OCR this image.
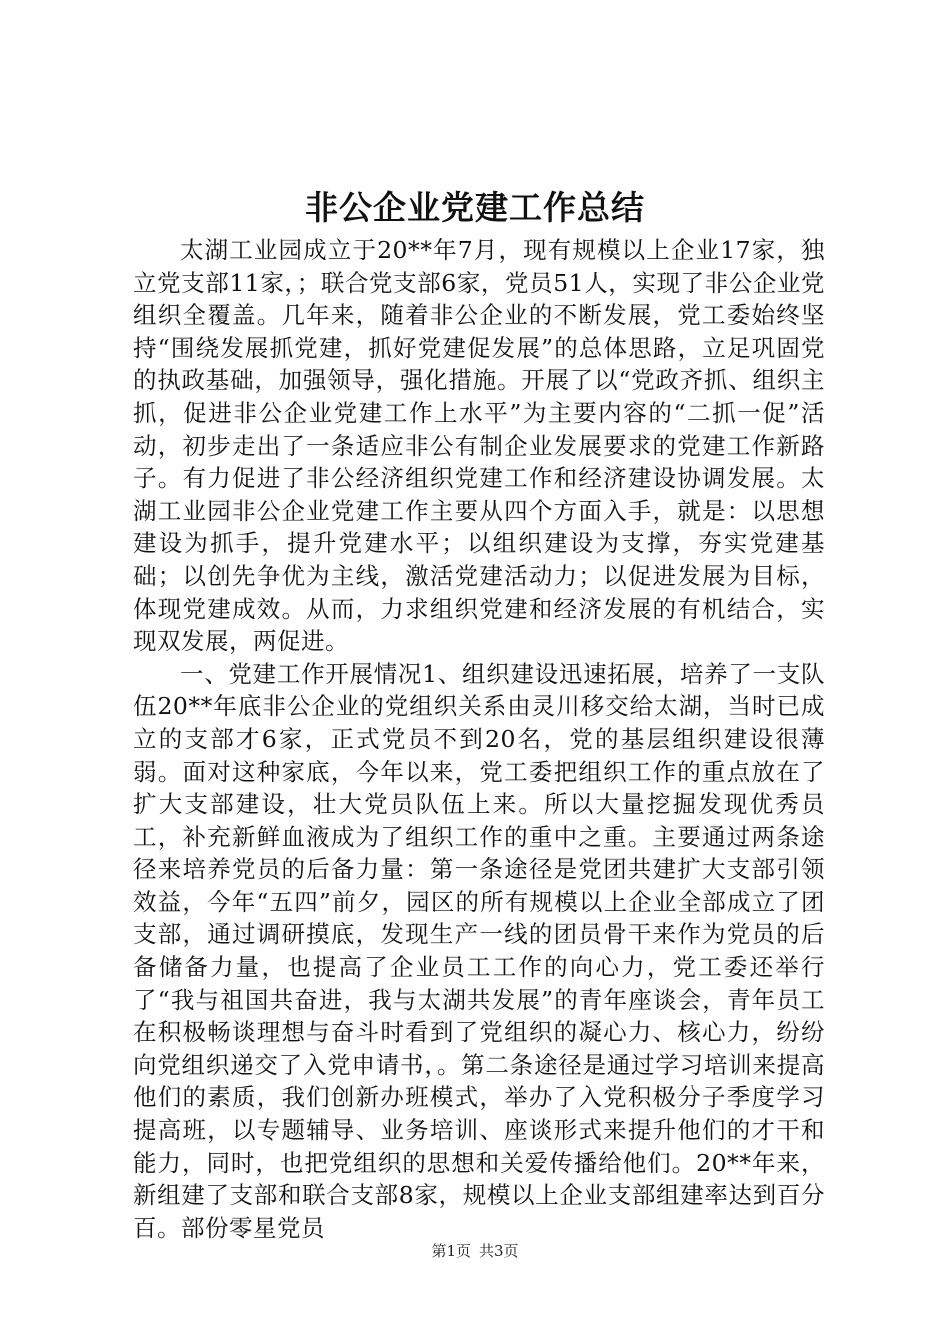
非公企业党建工作总结

太湖工业园成立于20**年7月，现有规模以上企业17家，独立党支部11家，；联合党支部6家，党员51人，实现了非公企业党组织全覆盖。几年来，随着非公企业的不断发展，党工委始终坚持“围绕发展抓党建，抓好党建促发展”的总体思路，立足巩固党的执政基础，加强领导，强化措施。开展了以“党政齐抓、组织主抓，促进非公企业党建工作上水平”为主要内容的“二抓一促”活动，初步走出了一条适应非公有制企业发展要求的党建工作新路子。有力促进了非公经济组织党建工作和经济建设协调发展。太湖工业园非公企业党建工作主要从四个方面入手，就是：以思想建设为抓手，提升党建水平；以组织建设为支撑，夯实党建基础；以创先争优为主线，激活党建活动力；以促进发展为目标，体现党建成效。从而，力求组织党建和经济发展的有机结合，实现双发展，两促进。

一、党建工作开展情况1、组织建设迅速拓展，培养了一支队伍20**年底非公企业的党组织关系由灵川移交给太湖，当时已成立的支部才6家，正式党员不到20名，党的基层组织建设很薄弱。面对这种家底，今年以来，党工委把组织工作的重点放在了扩大支部建设，壮大党员队伍上来。所以大量挖掘发现优秀员工，补充新鲜血液成为了组织工作的重中之重。主要通过两条途径来培养党员的后备力量：第一条途径是党团共建扩大支部引领效益，今年“五四”前夕，园区的所有规模以上企业全部成立了团支部，通过调研摸底，发现生产一线的团员骨干来作为党员的后备储备力量，也提高了企业员工工作的向心力，党工委还举行了“我与祖国共奋进，我与太湖共发展”的青年座谈会，青年员工在积极畅谈理想与奋斗时看到了党组织的凝心力、核心力，纷纷向党组织递交了入党申请书，。第二条途径是通过学习培训来提高他们的素质，我们创新办班模式，举办了入党积极分子季度学习提高班，以专题辅导、业务培训、座谈形式来提升他们的才干和能力，同时，也把党组织的思想和关爱传播给他们。20**年来，新组建了支部和联合支部8家，规模以上企业支部组建率达到百分百。部份零星党员

第1页 共3页
